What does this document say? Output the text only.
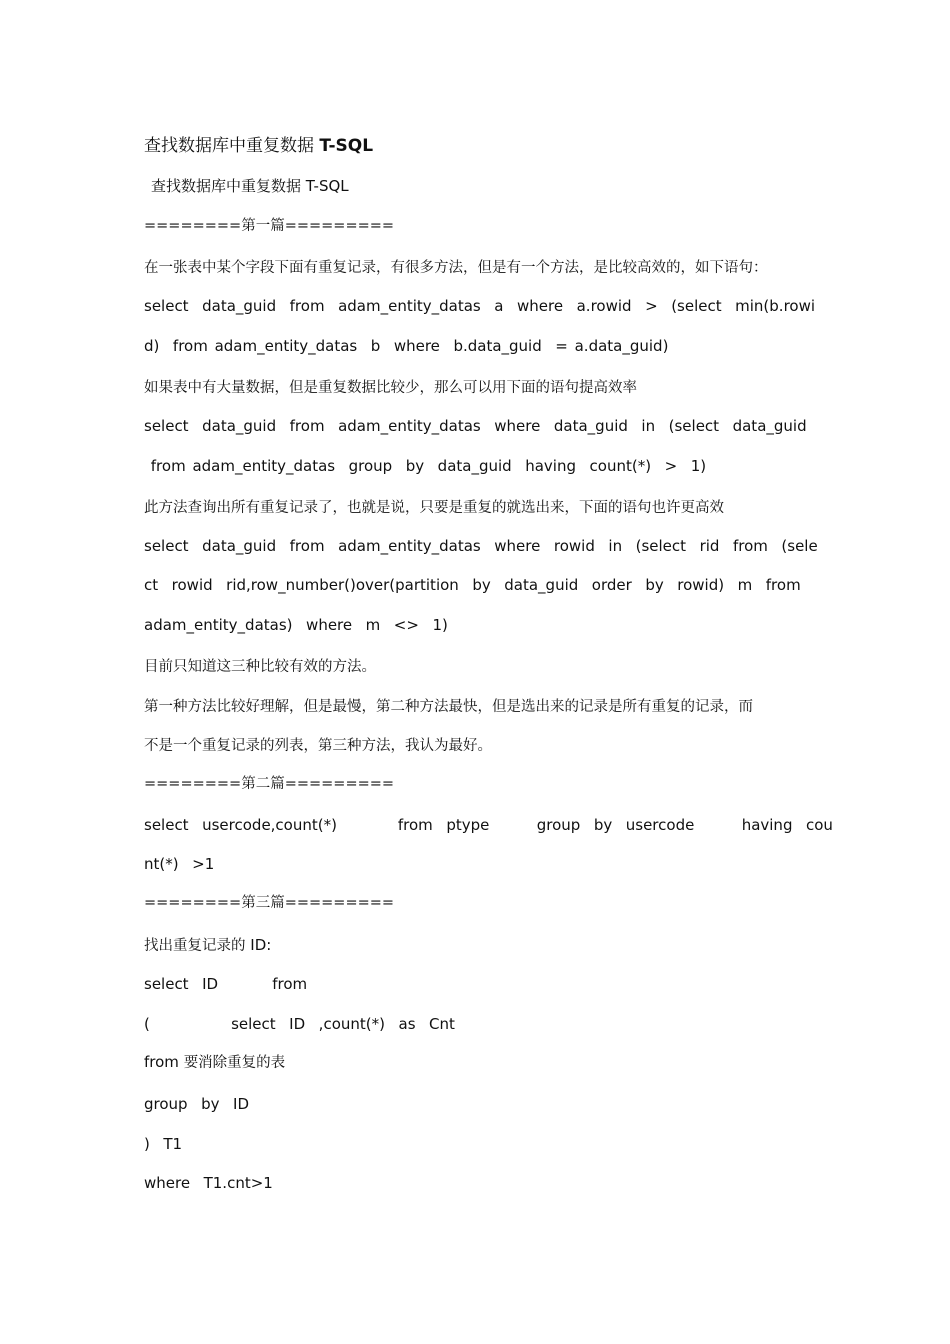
查找数据库中重复数据 T-SQL
查找数据库中重复数据 T-SQL
========第一篇=========
在一张表中某个字段下面有重复记录，有很多方法，但是有一个方法，是比较高效的，如下语句：
select  data_guid  from  adam_entity_datas  a  where  a.rowid  >  (select  min(b.rowi
d)  from adam_entity_datas  b  where  b.data_guid  = a.data_guid)
如果表中有大量数据，但是重复数据比较少，那么可以用下面的语句提高效率
select  data_guid  from  adam_entity_datas  where  data_guid  in  (select  data_guid
from adam_entity_datas  group  by  data_guid  having  count(*)  >  1)
此方法查询出所有重复记录了，也就是说，只要是重复的就选出来，下面的语句也许更高效
select  data_guid  from  adam_entity_datas  where  rowid  in  (select  rid  from  (sele
ct  rowid  rid,row_number()over(partition  by  data_guid  order  by  rowid)  m  from
adam_entity_datas)  where  m  <>  1)
目前只知道这三种比较有效的方法。
第一种方法比较好理解，但是最慢，第二种方法最快，但是选出来的记录是所有重复的记录，而
不是一个重复记录的列表，第三种方法，我认为最好。
========第二篇=========
select  usercode,count(*)         from  ptype       group  by  usercode       having  cou
nt(*)  >1
========第三篇=========
找出重复记录的 ID:
select  ID        from
(            select  ID  ,count(*)  as  Cnt
from 要消除重复的表
group  by  ID
)  T1
where  T1.cnt>1
